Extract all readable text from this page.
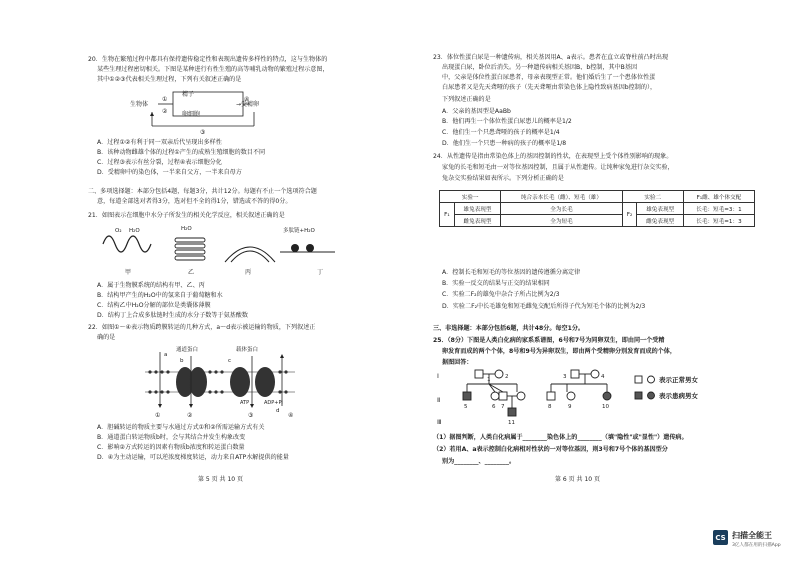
20．生物在繁殖过程中都具有保持遗传稳定性和表现出遗传多样性的特点，这与生物体的
某些生理过程密切相关。下图是某种进行有性生殖的高等哺乳动物的繁殖过程示意图，
其中①②③代表相关生理过程，下列有关叙述正确的是
精子
卵细胞
生物体	→受精卵
①
②
④
③
A．过程①②有利于同一双亲后代呈现出多样性
B．该种动物雌雄个体的过程①产生的成熟生殖细胞的数目不同
C．过程③表示有丝分裂，过程④表示细胞分化
D．受精卵中的染色体，一半来自父方，一半来自母方
二、多项选择题：本部分包括4题，每题3分，共计12分。每题有不止一个选项符合题
意，每道全部选对者得3分，选对但不全的得1分，错选或不答的得0分。
21．如图表示在细胞中水分子所发生的相关化学反应，相关叙述正确的是
O₂ H₂O
甲
H₂O
乙	丙
多肽链+H₂O
丁
A．属于生物膜系统的结构有甲、乙、丙
B．结构甲产生的H₂O中的氢来自于葡萄糖和水
C．结构乙中H₂O分解的部位是类囊体薄膜
D．结构丁上合成多肽链时生成的水分子数等于氨基酸数
22．如图①～④表示物质跨膜转运的几种方式，a～d表示被运输的物质，下列叙述正
确的是
通道蛋白	载体蛋白
a
b	c
d
ATP	ADP+Pi
①	②	③	④
A．胆碱转运的物质主要与水通过方式①和②所需运输方式有关
B．通道蛋白转运物质b时，会与其结合并发生构象改变
C．影响②方式转运的因素有物质b浓度和转运蛋白数量
D．④为主动运输，可以逆浓度梯度转运，动力来自ATP水解提供的能量
第 5 页 共 10 页
23．体位性蛋白尿是一种遗传病，相关基因用A、a表示。患者在直立或脊柱前凸时出现
出现蛋白尿，卧位后消失。另一种遗传病相关基因B、b控制，其中B基因
中，父亲是体位性蛋白尿患者，母亲表现型正常。他们婚后生了一个患体位性蛋
白尿患者又是先天聋哑的孩子（先天聋哑由常染色体上隐性致病基因b控制的），
下列叙述正确的是
A．父亲的基因型是AaBb
B．他们再生一个体位性蛋白尿患儿的概率是1/2
C．他们生一个只患聋哑的孩子的概率是1/4
D．他们生一个只患一种病的孩子的概率是1/8
24．从性遗传是指由常染色体上的基因控制的性状，在表现型上受个体性别影响的现象。
家兔的长毛和短毛由一对等位基因控制，且属于从性遗传。让纯种家兔进行杂交实验，
兔杂交实验结果如表所示。下列分析正确的是
实验一		纯合亲本长毛（雌）、短毛（雄）	实验二		F₁雌、雄个体交配
F₁	雄兔表现型	全为长毛	F₂	雄兔表现型	长毛：短毛=3：1
	雌兔表现型	全为短毛		雌兔表现型	长毛：短毛=1：3
A．控制长毛和短毛的等位基因的遗传遵循分离定律
B．实验一反交的结果与正交的结果相同
C．实验二F₂的雄兔中杂合子所占比例为2/3
D．实验二F₂中长毛雄兔和短毛雌兔交配后所得子代为短毛个体的比例为2/3
三、非选择题：本部分包括6题，共计48分。每空1分。
25．（8分）下图是人类白化病的家系系谱图，6号和7号为同卵双生，即由同一个受精
卵发育而成的两个个体，8号和9号为异卵双生，即由两个受精卵分别发育而成的个体，
据图回答：
Ⅰ
Ⅱ
Ⅲ
1	2	3	4
5	6 7	8	9	10
11
表示正常男女
表示患病男女
（1）据图判断，人类白化病属于________染色体上的________（填"隐性"或"显性"）遗传病。
（2）若用A、a表示控制白化病相对性状的一对等位基因，则3号和7号个体的基因型分
别为________、________。
第 6 页 共 10 页
CS 扫描全能王
3亿人都在用的扫描App
